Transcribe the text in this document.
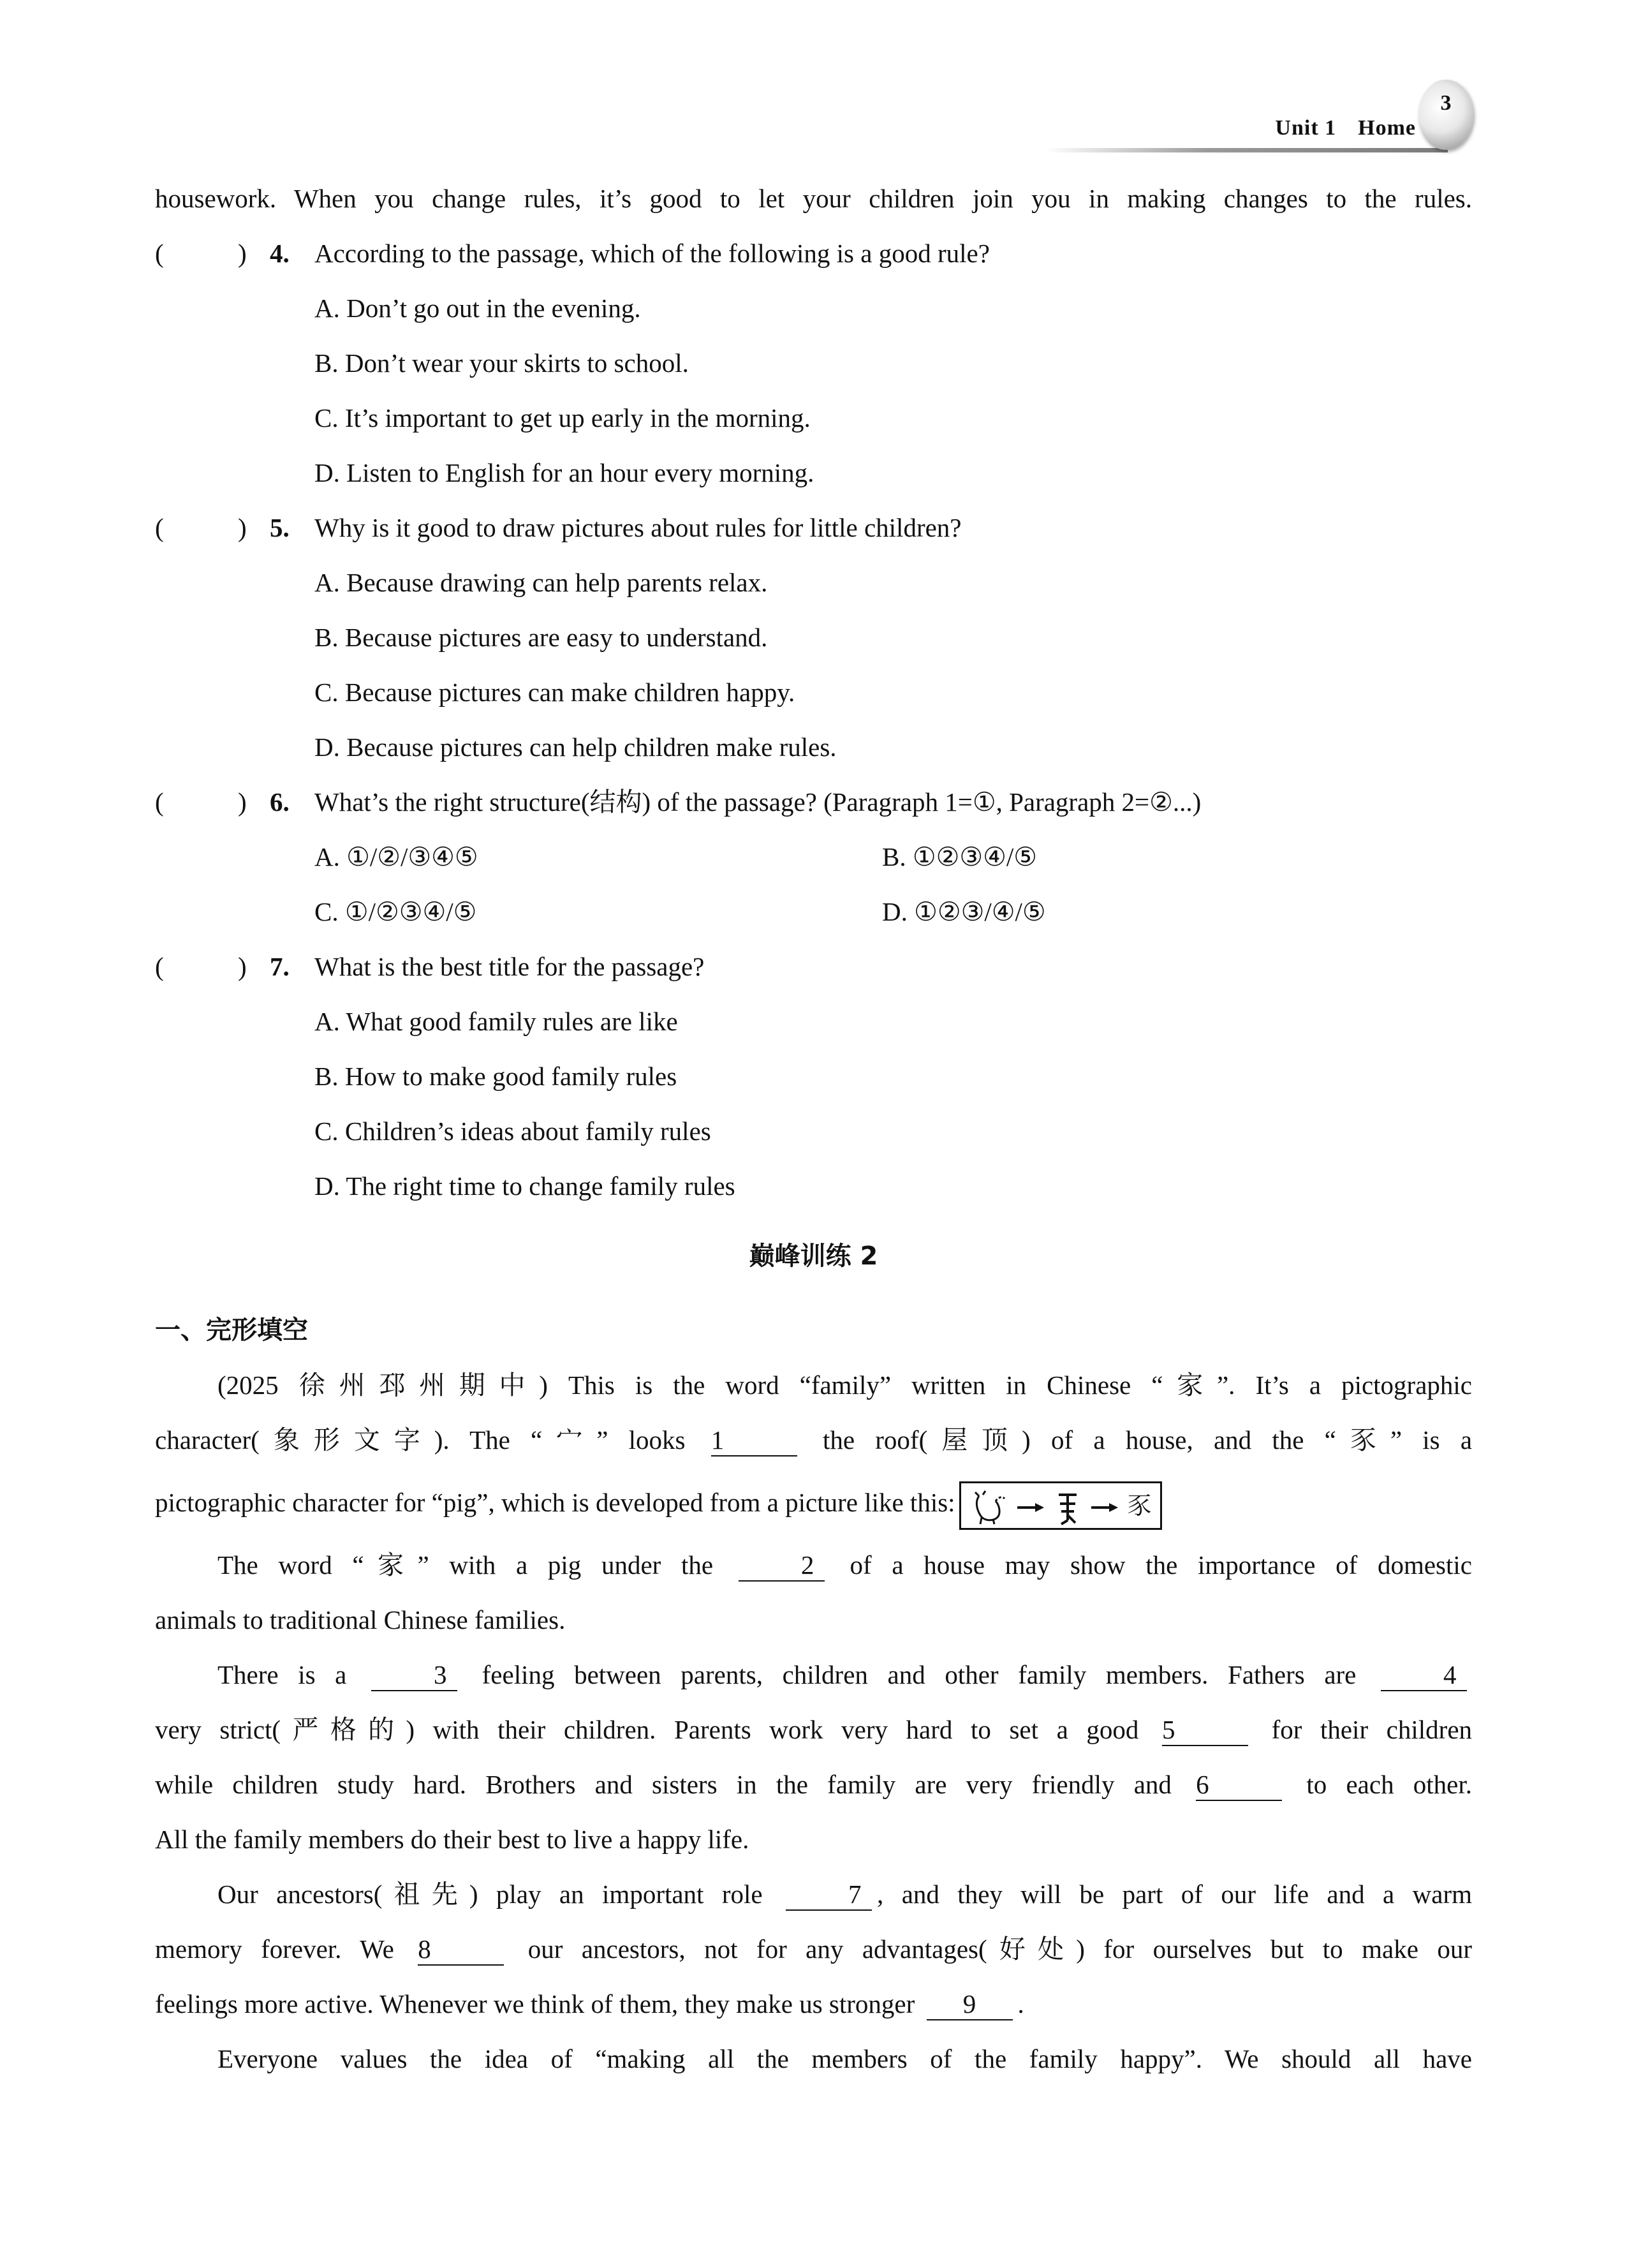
Unit 1 Home
3
housework. When you change rules, it’s good to let your children join you in making changes to the rules.
(	) 4. According to the passage, which of the following is a good rule?
A. Don’t go out in the evening.
B. Don’t wear your skirts to school.
C. It’s important to get up early in the morning.
D. Listen to English for an hour every morning.
(	) 5. Why is it good to draw pictures about rules for little children?
A. Because drawing can help parents relax.
B. Because pictures are easy to understand.
C. Because pictures can make children happy.
D. Because pictures can help children make rules.
(	) 6. What’s the right structure(结构) of the passage? (Paragraph 1=①, Paragraph 2=②...)
A. ①/②/③④⑤	B. ①②③④/⑤
C. ①/②③④/⑤	D. ①②③/④/⑤
(	) 7. What is the best title for the passage?
A. What good family rules are like
B. How to make good family rules
C. Children’s ideas about family rules
D. The right time to change family rules
巅峰训练 2
一、完形填空
(2025 徐州邳州期中) This is the word “family” written in Chinese “家”. It’s a pictographic
character(象形文字). The “宀” looks 1	the roof(屋顶) of a house, and the “豕” is a
pictographic character for “pig”, which is developed from a picture like this:	豕
The word “家” with a pig under the	2 of a house may show the importance of domestic
animals to traditional Chinese families.
There is a	3 feeling between parents, children and other family members. Fathers are	4
very strict(严格的) with their children. Parents work very hard to set a good 5	for their children
while children study hard. Brothers and sisters in the family are very friendly and 6	to each other.
All the family members do their best to live a happy life.
Our ancestors(祖先) play an important role	7 , and they will be part of our life and a warm
memory forever. We 8	our ancestors, not for any advantages(好处) for ourselves but to make our
feelings more active. Whenever we think of them, they make us stronger 9 .
Everyone values the idea of “making all the members of the family happy”. We should all have
